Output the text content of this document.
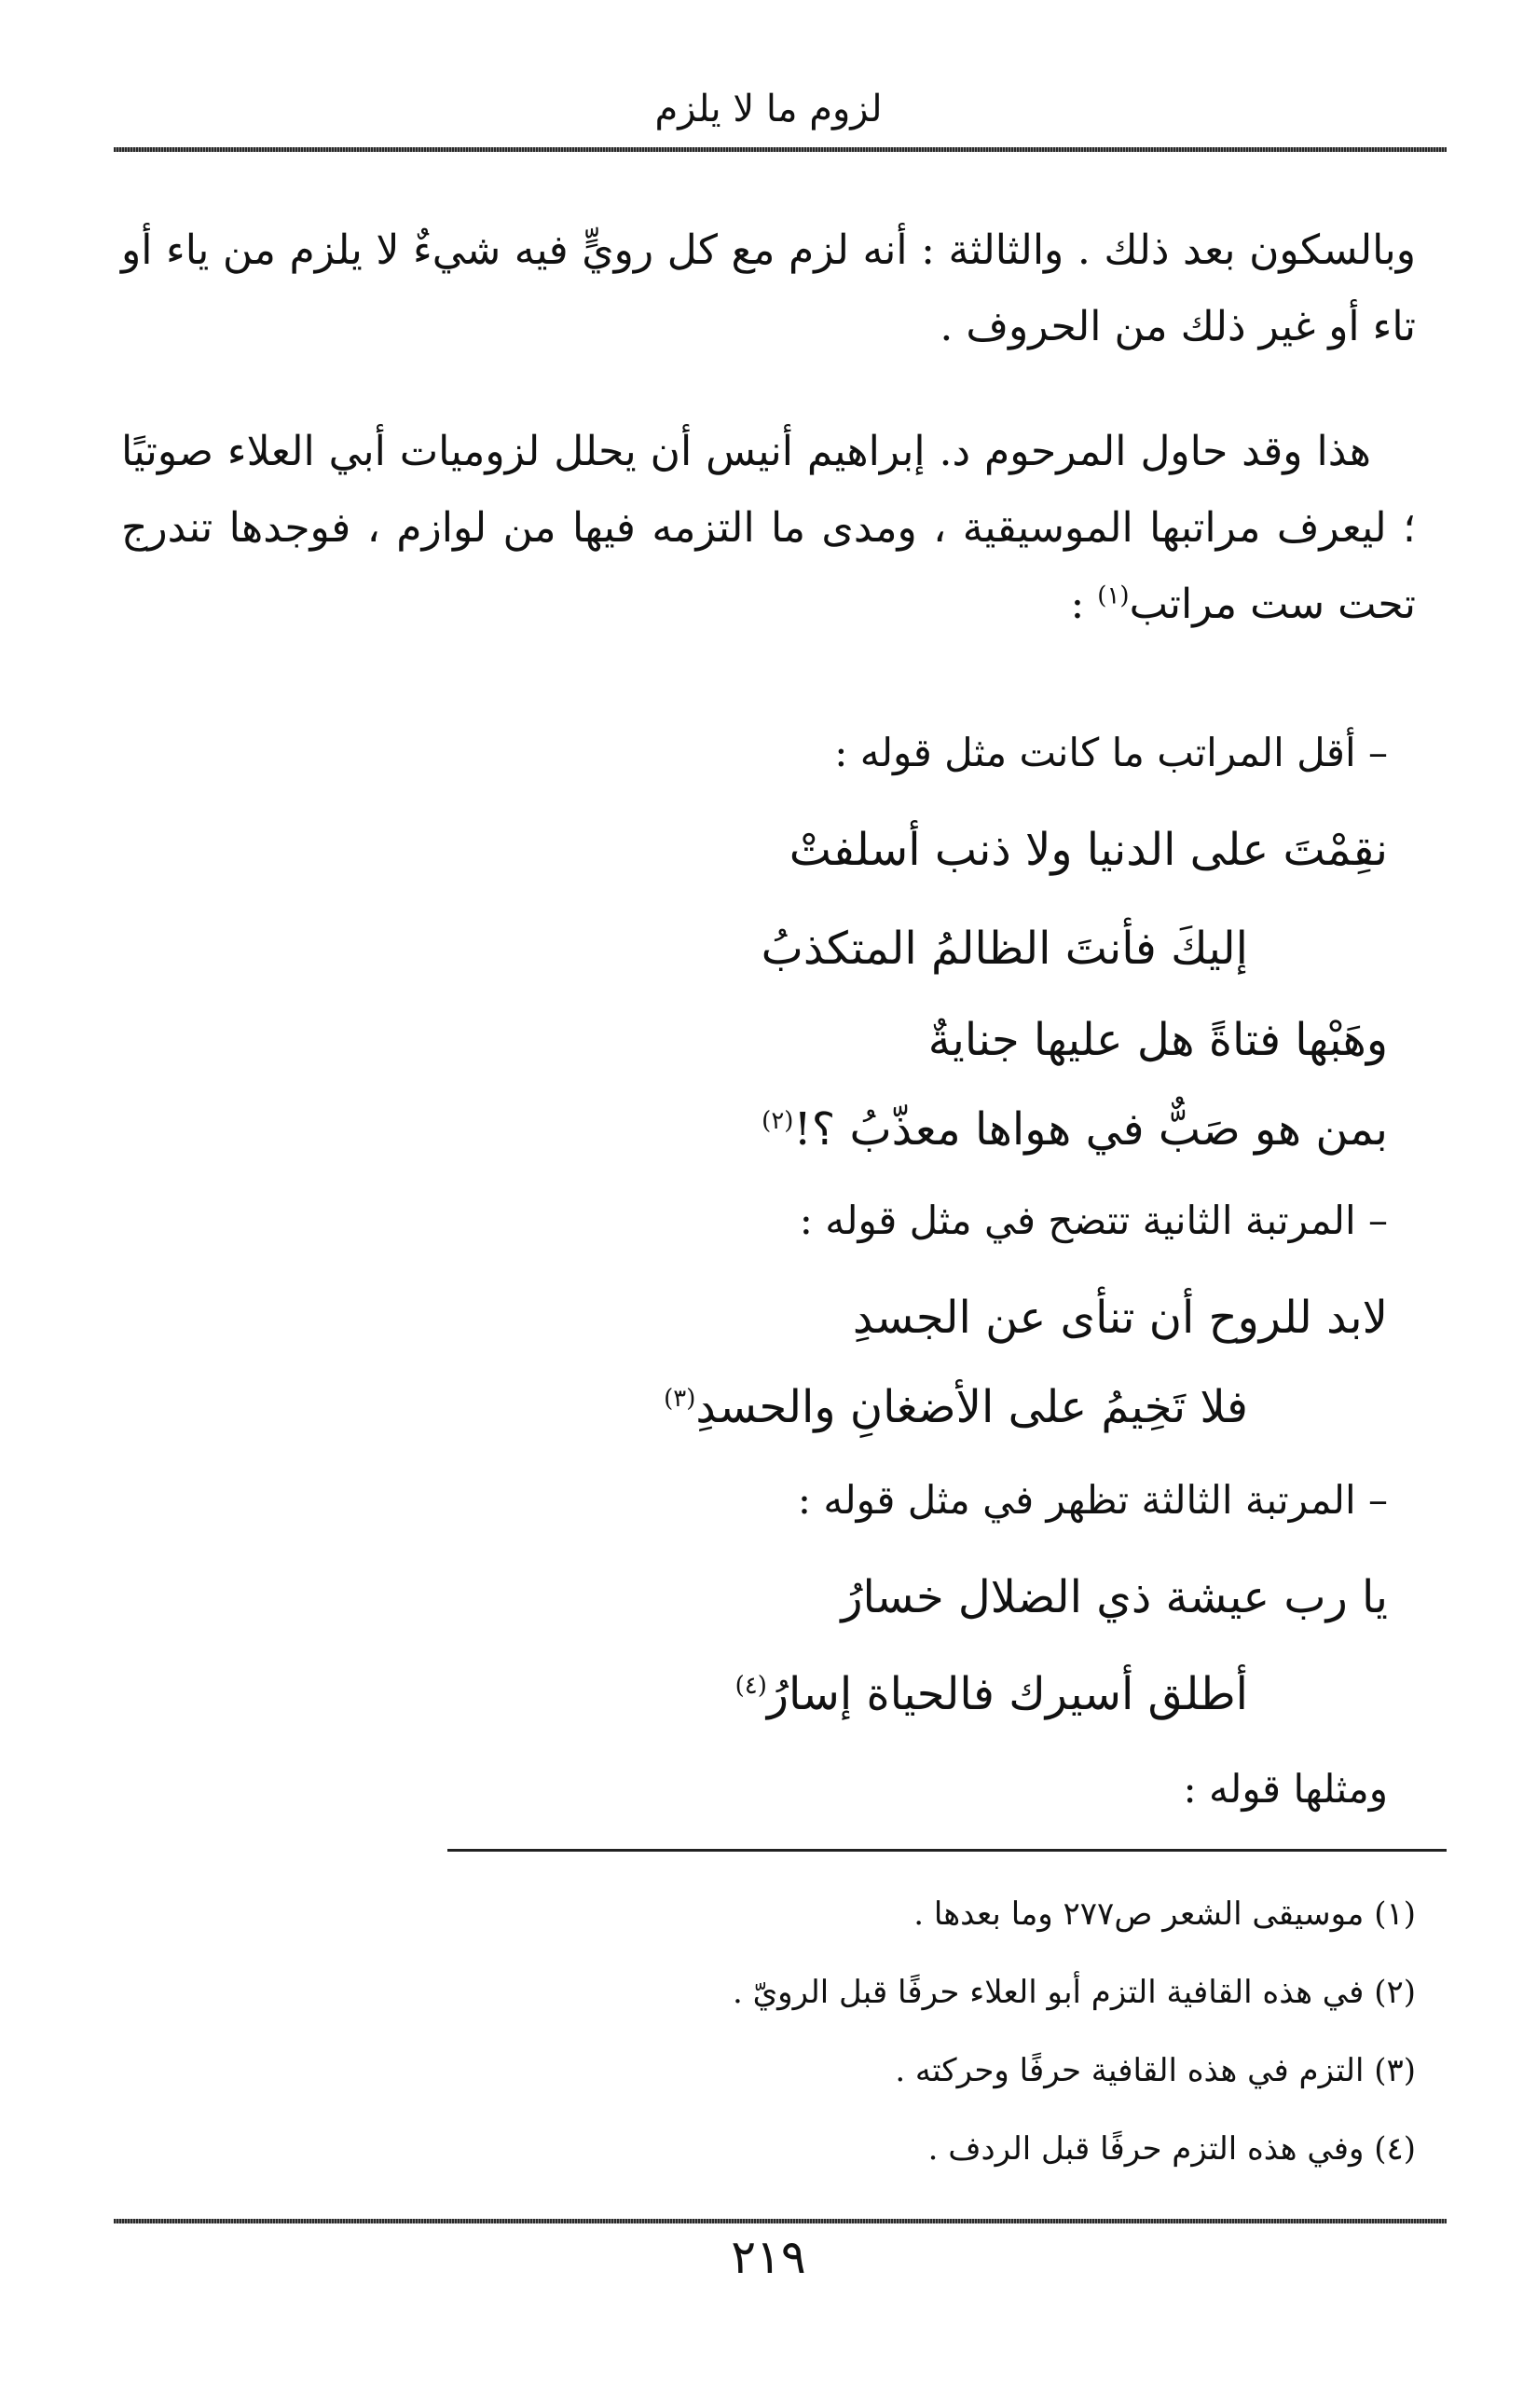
لزوم ما لا يلزم

وبالسكون بعد ذلك . والثالثة : أنه لزم مع كل رويٍّ فيه شيءٌ لا يلزم من ياء أو تاء أو غير ذلك من الحروف .

هذا وقد حاول المرحوم د. إبراهيم أنيس أن يحلل لزوميات أبي العلاء صوتيًا ؛ ليعرف مراتبها الموسيقية ، ومدى ما التزمه فيها من لوازم ، فوجدها تندرج تحت ست مراتب$^{(١)}$ :

– أقل المراتب ما كانت مثل قوله :
نقِمْتَ على الدنيا ولا ذنب أسلفتْ
إليكَ فأنتَ الظالمُ المتكذبُ
وهَبْها فتاةً هل عليها جنايةٌ
بمن هو صَبٌّ في هواها معذّبُ ؟!$^{(٢)}$
– المرتبة الثانية تتضح في مثل قوله :
لابد للروح أن تنأى عن الجسدِ
فلا تَخِيمُ على الأضغانِ والحسدِ$^{(٣)}$
– المرتبة الثالثة تظهر في مثل قوله :
يا رب عيشة ذي الضلال خسارُ
أطلق أسيرك فالحياة إسارُ$^{(٤)}$
ومثلها قوله :
(١) موسيقى الشعر ص٢٧٧ وما بعدها .
(٢) في هذه القافية التزم أبو العلاء حرفًا قبل الرويّ .
(٣) التزم في هذه القافية حرفًا وحركته .
(٤) وفي هذه التزم حرفًا قبل الردف .
٢١٩
